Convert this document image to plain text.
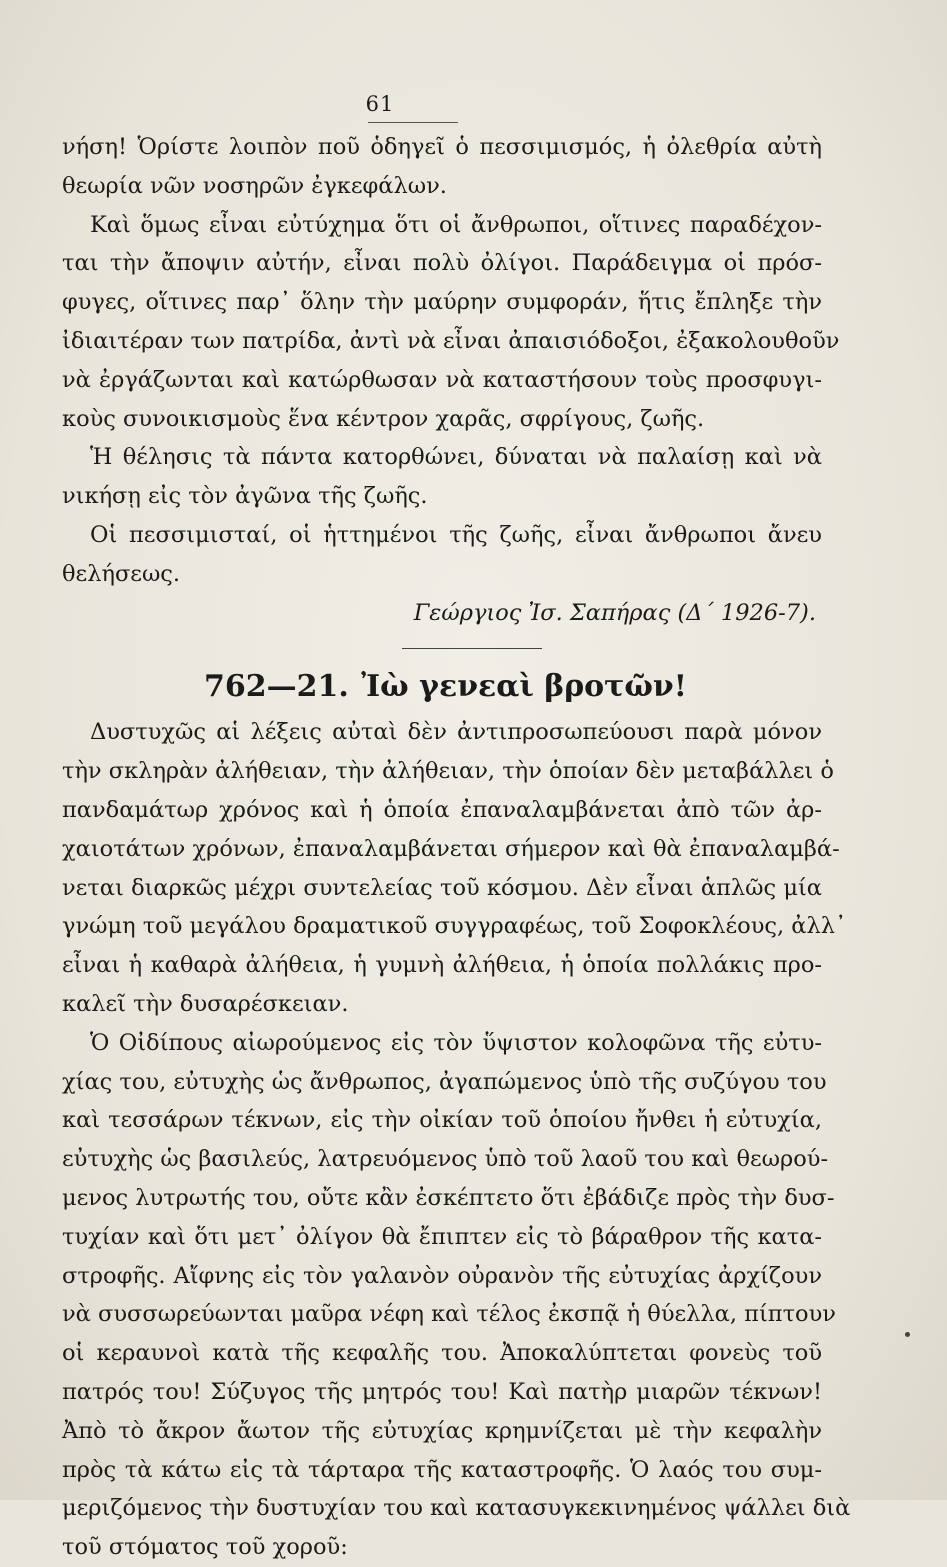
61
νήση! Ὁρίστε λοιπὸν ποῦ ὁδηγεῖ ὁ πεσσιμισμός, ἡ ὀλεθρία αὐτὴ
θεωρία νῶν νοσηρῶν ἐγκεφάλων.
Καὶ ὅμως εἶναι εὐτύχημα ὅτι οἱ ἄνθρωποι, οἵτινες παραδέχον-
ται τὴν ἄποψιν αὐτήν, εἶναι πολὺ ὀλίγοι. Παράδειγμα οἱ πρόσ-
φυγες, οἵτινες παρ᾿ ὅλην τὴν μαύρην συμφοράν, ἥτις ἔπληξε τὴν
ἰδιαιτέραν των πατρίδα, ἀντὶ νὰ εἶναι ἀπαισιόδοξοι, ἐξακολουθοῦν
νὰ ἐργάζωνται καὶ κατώρθωσαν νὰ καταστήσουν τοὺς προσφυγι-
κοὺς συνοικισμοὺς ἕνα κέντρον χαρᾶς, σφρίγους, ζωῆς.
Ἡ θέλησις τὰ πάντα κατορθώνει, δύναται νὰ παλαίσῃ καὶ νὰ
νικήσῃ εἰς τὸν ἀγῶνα τῆς ζωῆς.
Οἱ πεσσιμισταί, οἱ ἡττημένοι τῆς ζωῆς, εἶναι ἄνθρωποι ἄνευ
θελήσεως.
Γεώργιος Ἰσ. Σαπήρας (Δ΄ 1926-7).
762—21. Ἰὼ γενεαὶ βροτῶν!
Δυστυχῶς αἱ λέξεις αὐταὶ δὲν ἀντιπροσωπεύουσι παρὰ μόνον
τὴν σκληρὰν ἀλήθειαν, τὴν ἀλήθειαν, τὴν ὁποίαν δὲν μεταβάλλει ὁ
πανδαμάτωρ χρόνος καὶ ἡ ὁποία ἐπαναλαμβάνεται ἀπὸ τῶν ἀρ-
χαιοτάτων χρόνων, ἐπαναλαμβάνεται σήμερον καὶ θὰ ἐπαναλαμβά-
νεται διαρκῶς μέχρι συντελείας τοῦ κόσμου. Δὲν εἶναι ἁπλῶς μία
γνώμη τοῦ μεγάλου δραματικοῦ συγγραφέως, τοῦ Σοφοκλέους, ἀλλ᾿
εἶναι ἡ καθαρὰ ἀλήθεια, ἡ γυμνὴ ἀλήθεια, ἡ ὁποία πολλάκις προ-
καλεῖ τὴν δυσαρέσκειαν.
Ὁ Οἰδίπους αἰωρούμενος εἰς τὸν ὕψιστον κολοφῶνα τῆς εὐτυ-
χίας του, εὐτυχὴς ὡς ἄνθρωπος, ἀγαπώμενος ὑπὸ τῆς συζύγου του
καὶ τεσσάρων τέκνων, εἰς τὴν οἰκίαν τοῦ ὁποίου ἤνθει ἡ εὐτυχία,
εὐτυχὴς ὡς βασιλεύς, λατρευόμενος ὑπὸ τοῦ λαοῦ του καὶ θεωρού-
μενος λυτρωτής του, οὔτε κἂν ἐσκέπτετο ὅτι ἐβάδιζε πρὸς τὴν δυσ-
τυχίαν καὶ ὅτι μετ᾿ ὀλίγον θὰ ἔπιπτεν εἰς τὸ βάραθρον τῆς κατα-
στροφῆς. Αἴφνης εἰς τὸν γαλανὸν οὐρανὸν τῆς εὐτυχίας ἀρχίζουν
νὰ συσσωρεύωνται μαῦρα νέφη καὶ τέλος ἐκσπᾷ ἡ θύελλα, πίπτουν
οἱ κεραυνοὶ κατὰ τῆς κεφαλῆς του. Ἀποκαλύπτεται φονεὺς τοῦ
πατρός του! Σύζυγος τῆς μητρός του! Καὶ πατὴρ μιαρῶν τέκνων!
Ἀπὸ τὸ ἄκρον ἄωτον τῆς εὐτυχίας κρημνίζεται μὲ τὴν κεφαλὴν
πρὸς τὰ κάτω εἰς τὰ τάρταρα τῆς καταστροφῆς. Ὁ λαός του συμ-
μεριζόμενος τὴν δυστυχίαν του καὶ κατασυγκεκινημένος ψάλλει διὰ
τοῦ στόματος τοῦ χοροῦ:
